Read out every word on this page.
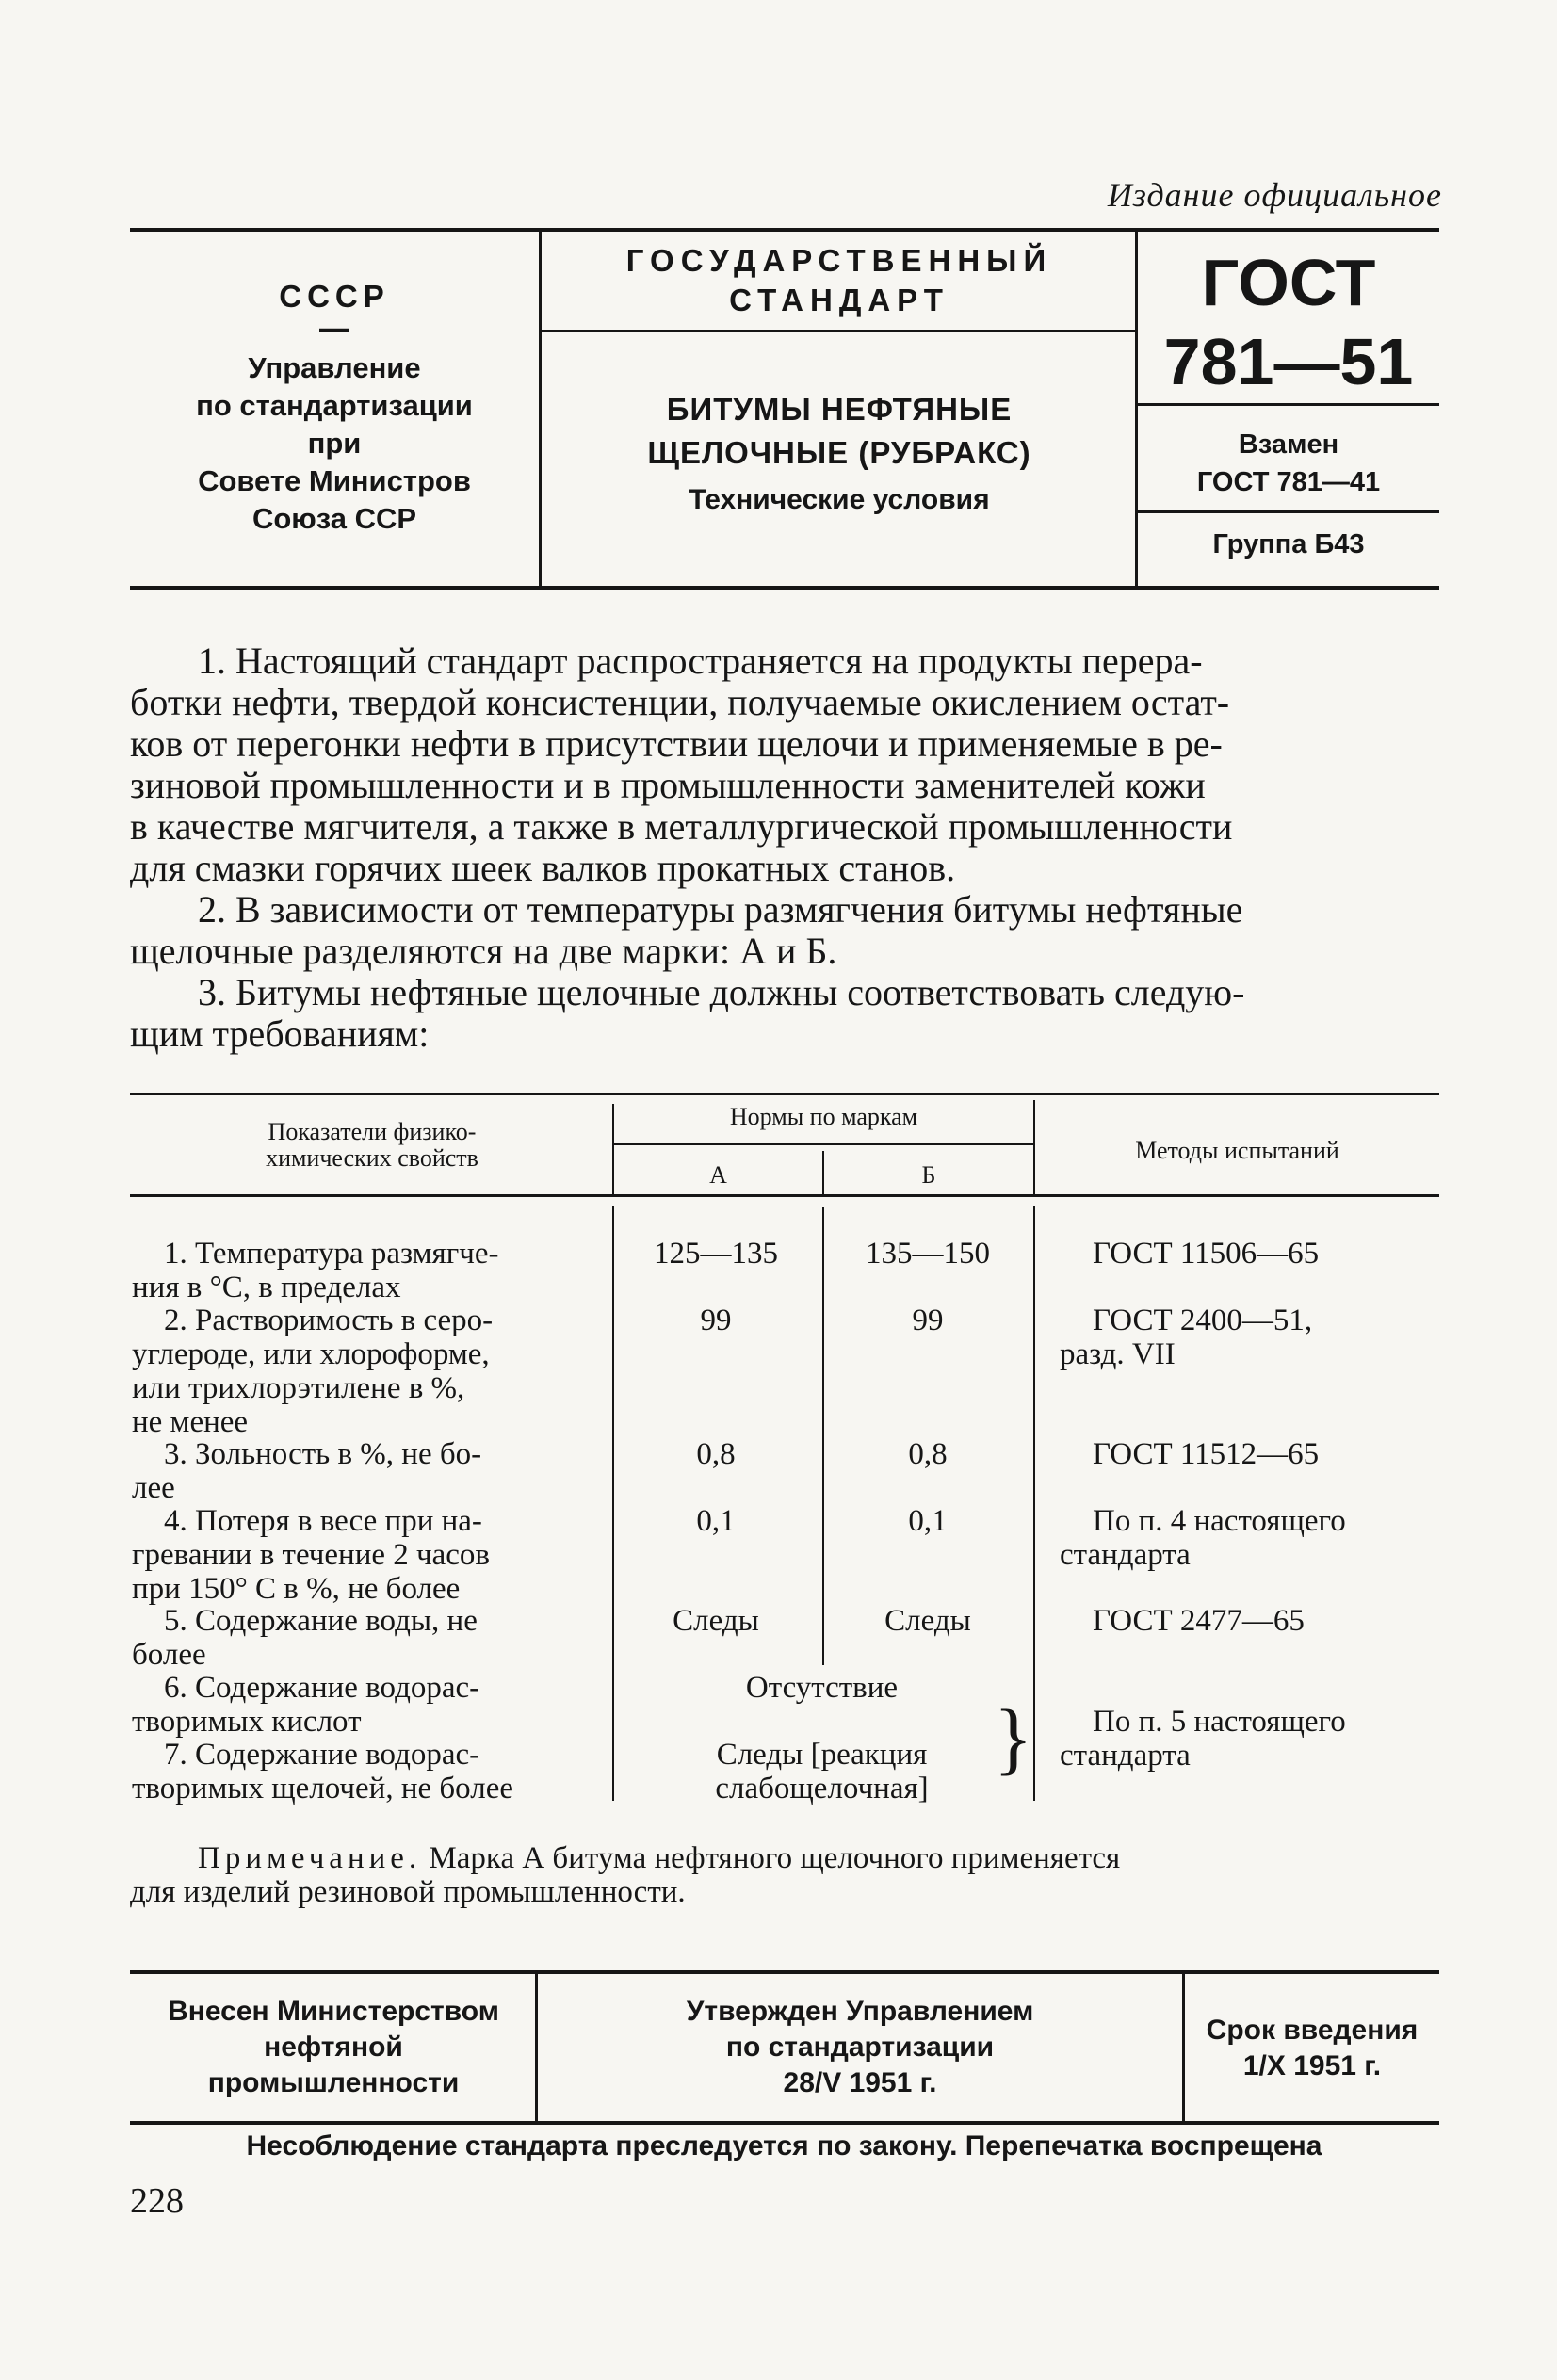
Издание официальное
СССР
—
Управление
по стандартизации
при
Совете Министров
Союза ССР
ГОСУДАРСТВЕННЫЙ
СТАНДАРТ
БИТУМЫ НЕФТЯНЫЕ
ЩЕЛОЧНЫЕ (РУБРАКС)
Технические условия
ГОСТ
781—51
Взамен
ГОСТ 781—41
Группа Б43
1. Настоящий стандарт распространяется на продукты перера-
ботки нефти, твердой консистенции, получаемые окислением остат-
ков от перегонки нефти в присутствии щелочи и применяемые в ре-
зиновой промышленности и в промышленности заменителей кожи
в качестве мягчителя, а также в металлургической промышленности
для смазки горячих шеек валков прокатных станов.
2. В зависимости от температуры размягчения битумы нефтяные
щелочные разделяются на две марки: А и Б.
3. Битумы нефтяные щелочные должны соответствовать следую-
щим требованиям:
Показатели физико-
химических свойств
Нормы по маркам
А	Б
Методы испытаний
1. Температура размягче-
ния в °С, в пределах
125—135	135—150	ГОСТ 11506—65
2. Растворимость в серо-
углероде, или хлороформе,
или трихлорэтилене в %,
не менее
99	99	ГОСТ 2400—51,
разд. VII
3. Зольность в %, не бо-
лее
0,8	0,8	ГОСТ 11512—65
4. Потеря в весе при на-
гревании в течение 2 часов
при 150° С в %, не более
0,1	0,1	По п. 4 настоящего
стандарта
5. Содержание воды, не
более
Следы	Следы	ГОСТ 2477—65
6. Содержание водорас-
творимых кислот
Отсутствие
7. Содержание водорас-
творимых щелочей, не более
Следы [реакция
слабощелочная]
}	По п. 5 настоящего
стандарта
Примечание. Марка А битума нефтяного щелочного применяется
для изделий резиновой промышленности.
Внесен Министерством
нефтяной
промышленности
Утвержден Управлением
по стандартизации
28/V 1951 г.
Срок введения
1/X 1951 г.
Несоблюдение стандарта преследуется по закону. Перепечатка воспрещена
228
